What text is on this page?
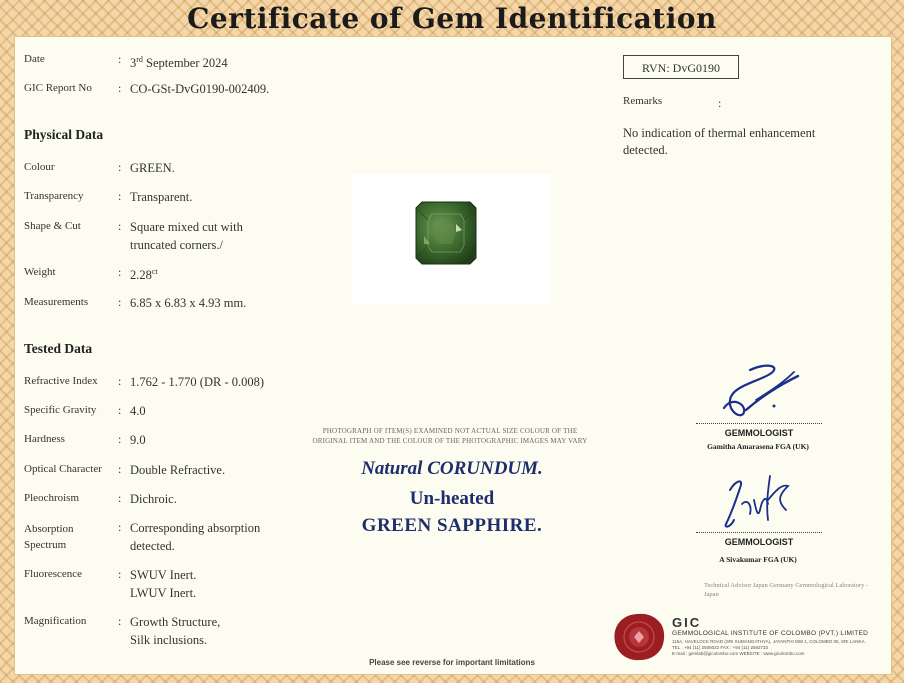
Certificate of Gem Identification
Date	: 3rd September 2024
GIC Report No : CO-GSt-DvG0190-002409.
Physical Data
Colour	: GREEN.
Transparency	: Transparent.
Shape & Cut	: Square mixed cut with
truncated corners./
Weight	: $2.28^{ct}$
Measurements : 6.85 x 6.83 x 4.93 mm.
Tested Data
Refractive Index : 1.762 - 1.770 (DR - 0.008)
Specific Gravity : 4.0
Hardness	: 9.0
Optical Character : Double Refractive.
Pleochroism	: Dichroic.
Absorption
Spectrum
: Corresponding absorption
detected.
Fluorescence	: SWUV Inert.
LWUV Inert.
Magnification	: Growth Structure,
Silk inclusions.
PHOTOGRAPH OF ITEM(S) EXAMINED NOT ACTUAL SIZE COLOUR OF THE
ORIGINAL ITEM AND THE COLOUR OF THE PHOTOGRAPHIC IMAGES MAY VARY
Natural CORUNDUM.
Un-heated
GREEN SAPPHIRE.
RVN: DvG0190
Remarks	:
No indication of thermal enhancement
detected.
GEMMOLOGIST
Gamitha Amarasena FGA (UK)
GEMMOLOGIST
A Sivakumar FGA (UK)
Technical Advisor Japan Germany Gemmological Laboratory -
Japan
GIC
GEMMOLOGICAL INSTITUTE OF COLOMBO (PVT.) LIMITED
115A, HAVELOCK ROAD (SRI SUMANGATHYA), JAYANTHI MW 1, COLOMBO 05, SRI LANKA.
TEL : +94 (11) 2508022 FAX : +94 (11) 2583733
E-mail : gemlab@gicolombo.com WEBSITE : www.gicolombo.com
Please see reverse for important limitations
